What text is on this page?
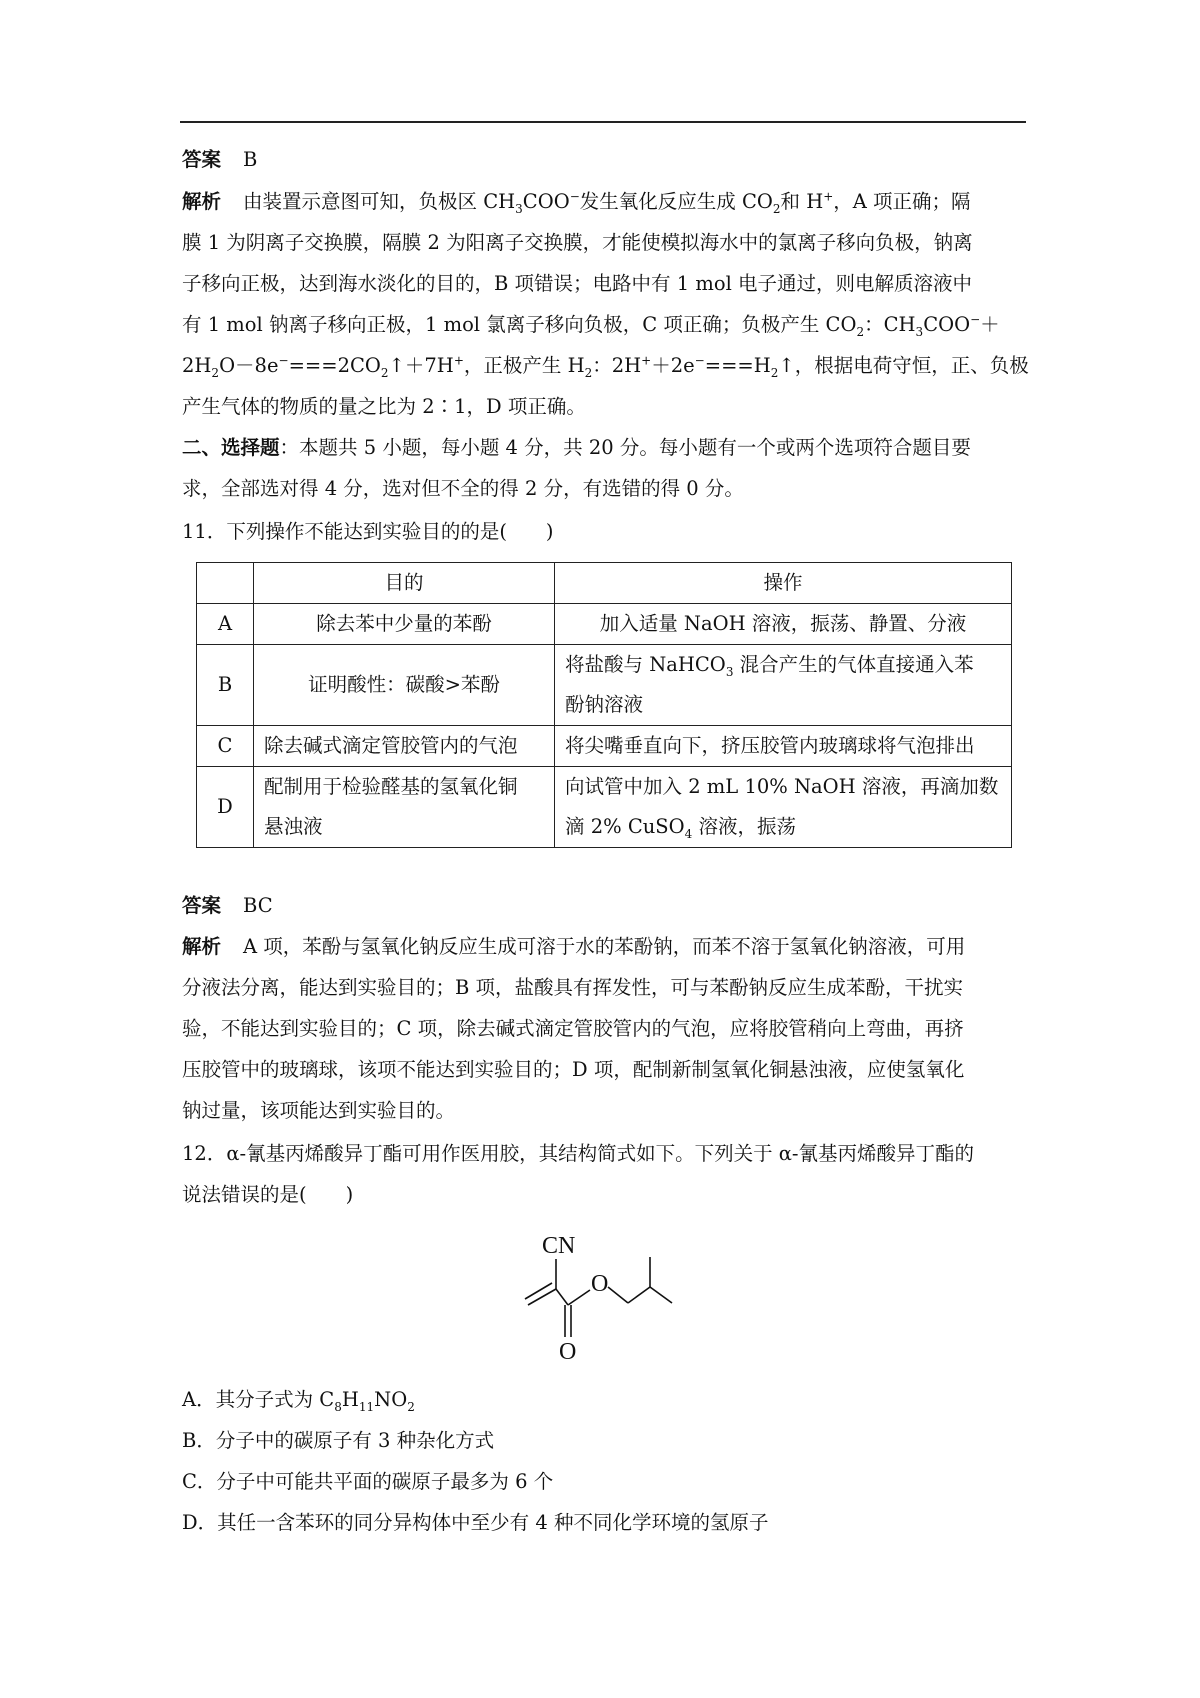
答案 B
解析 由装置示意图可知，负极区 $CH_3COO^-$发生氧化反应生成 $CO_2$和 H+，A 项正确；隔
膜 1 为阴离子交换膜，隔膜 2 为阳离子交换膜，才能使模拟海水中的氯离子移向负极，钠离
子移向正极，达到海水淡化的目的，B 项错误；电路中有 1 mol 电子通过，则电解质溶液中
有 1 mol 钠离子移向正极，1 mol 氯离子移向负极，C 项正确；负极产生 $CO_2$：$CH_3COO^-+$
$2H_2O-8e^-===2CO_2↑+7H^+$，正极产生 $H_2$：$2H^++2e^-===H_2↑$，根据电荷守恒，正、负极
产生气体的物质的量之比为 2∶1，D 项正确。
二、选择题：本题共 5 小题，每小题 4 分，共 20 分。每小题有一个或两个选项符合题目要
求，全部选对得 4 分，选对但不全的得 2 分，有选错的得 0 分。
11．下列操作不能达到实验目的的是(　　)
	目的	操作
A	除去苯中少量的苯酚	加入适量 NaOH 溶液，振荡、静置、分液
B	证明酸性：碳酸>苯酚	将盐酸与 NaHCO$_3$ 混合产生的气体直接通入苯
酚钠溶液
C	除去碱式滴定管胶管内的气泡	将尖嘴垂直向下，挤压胶管内玻璃球将气泡排出
D	配制用于检验醛基的氢氧化铜
悬浊液	向试管中加入 2 mL 10% NaOH 溶液，再滴加数
滴 2% CuSO$_4$ 溶液，振荡
答案 BC
解析 A 项，苯酚与氢氧化钠反应生成可溶于水的苯酚钠，而苯不溶于氢氧化钠溶液，可用
分液法分离，能达到实验目的；B 项，盐酸具有挥发性，可与苯酚钠反应生成苯酚，干扰实
验，不能达到实验目的；C 项，除去碱式滴定管胶管内的气泡，应将胶管稍向上弯曲，再挤
压胶管中的玻璃球，该项不能达到实验目的；D 项，配制新制氢氧化铜悬浊液，应使氢氧化
钠过量，该项能达到实验目的。
12．α-氰基丙烯酸异丁酯可用作医用胶，其结构简式如下。下列关于 α-氰基丙烯酸异丁酯的
说法错误的是(　　)
CN
O
O
A．其分子式为 $C_8H_{11}NO_2$
B．分子中的碳原子有 3 种杂化方式
C．分子中可能共平面的碳原子最多为 6 个
D．其任一含苯环的同分异构体中至少有 4 种不同化学环境的氢原子
